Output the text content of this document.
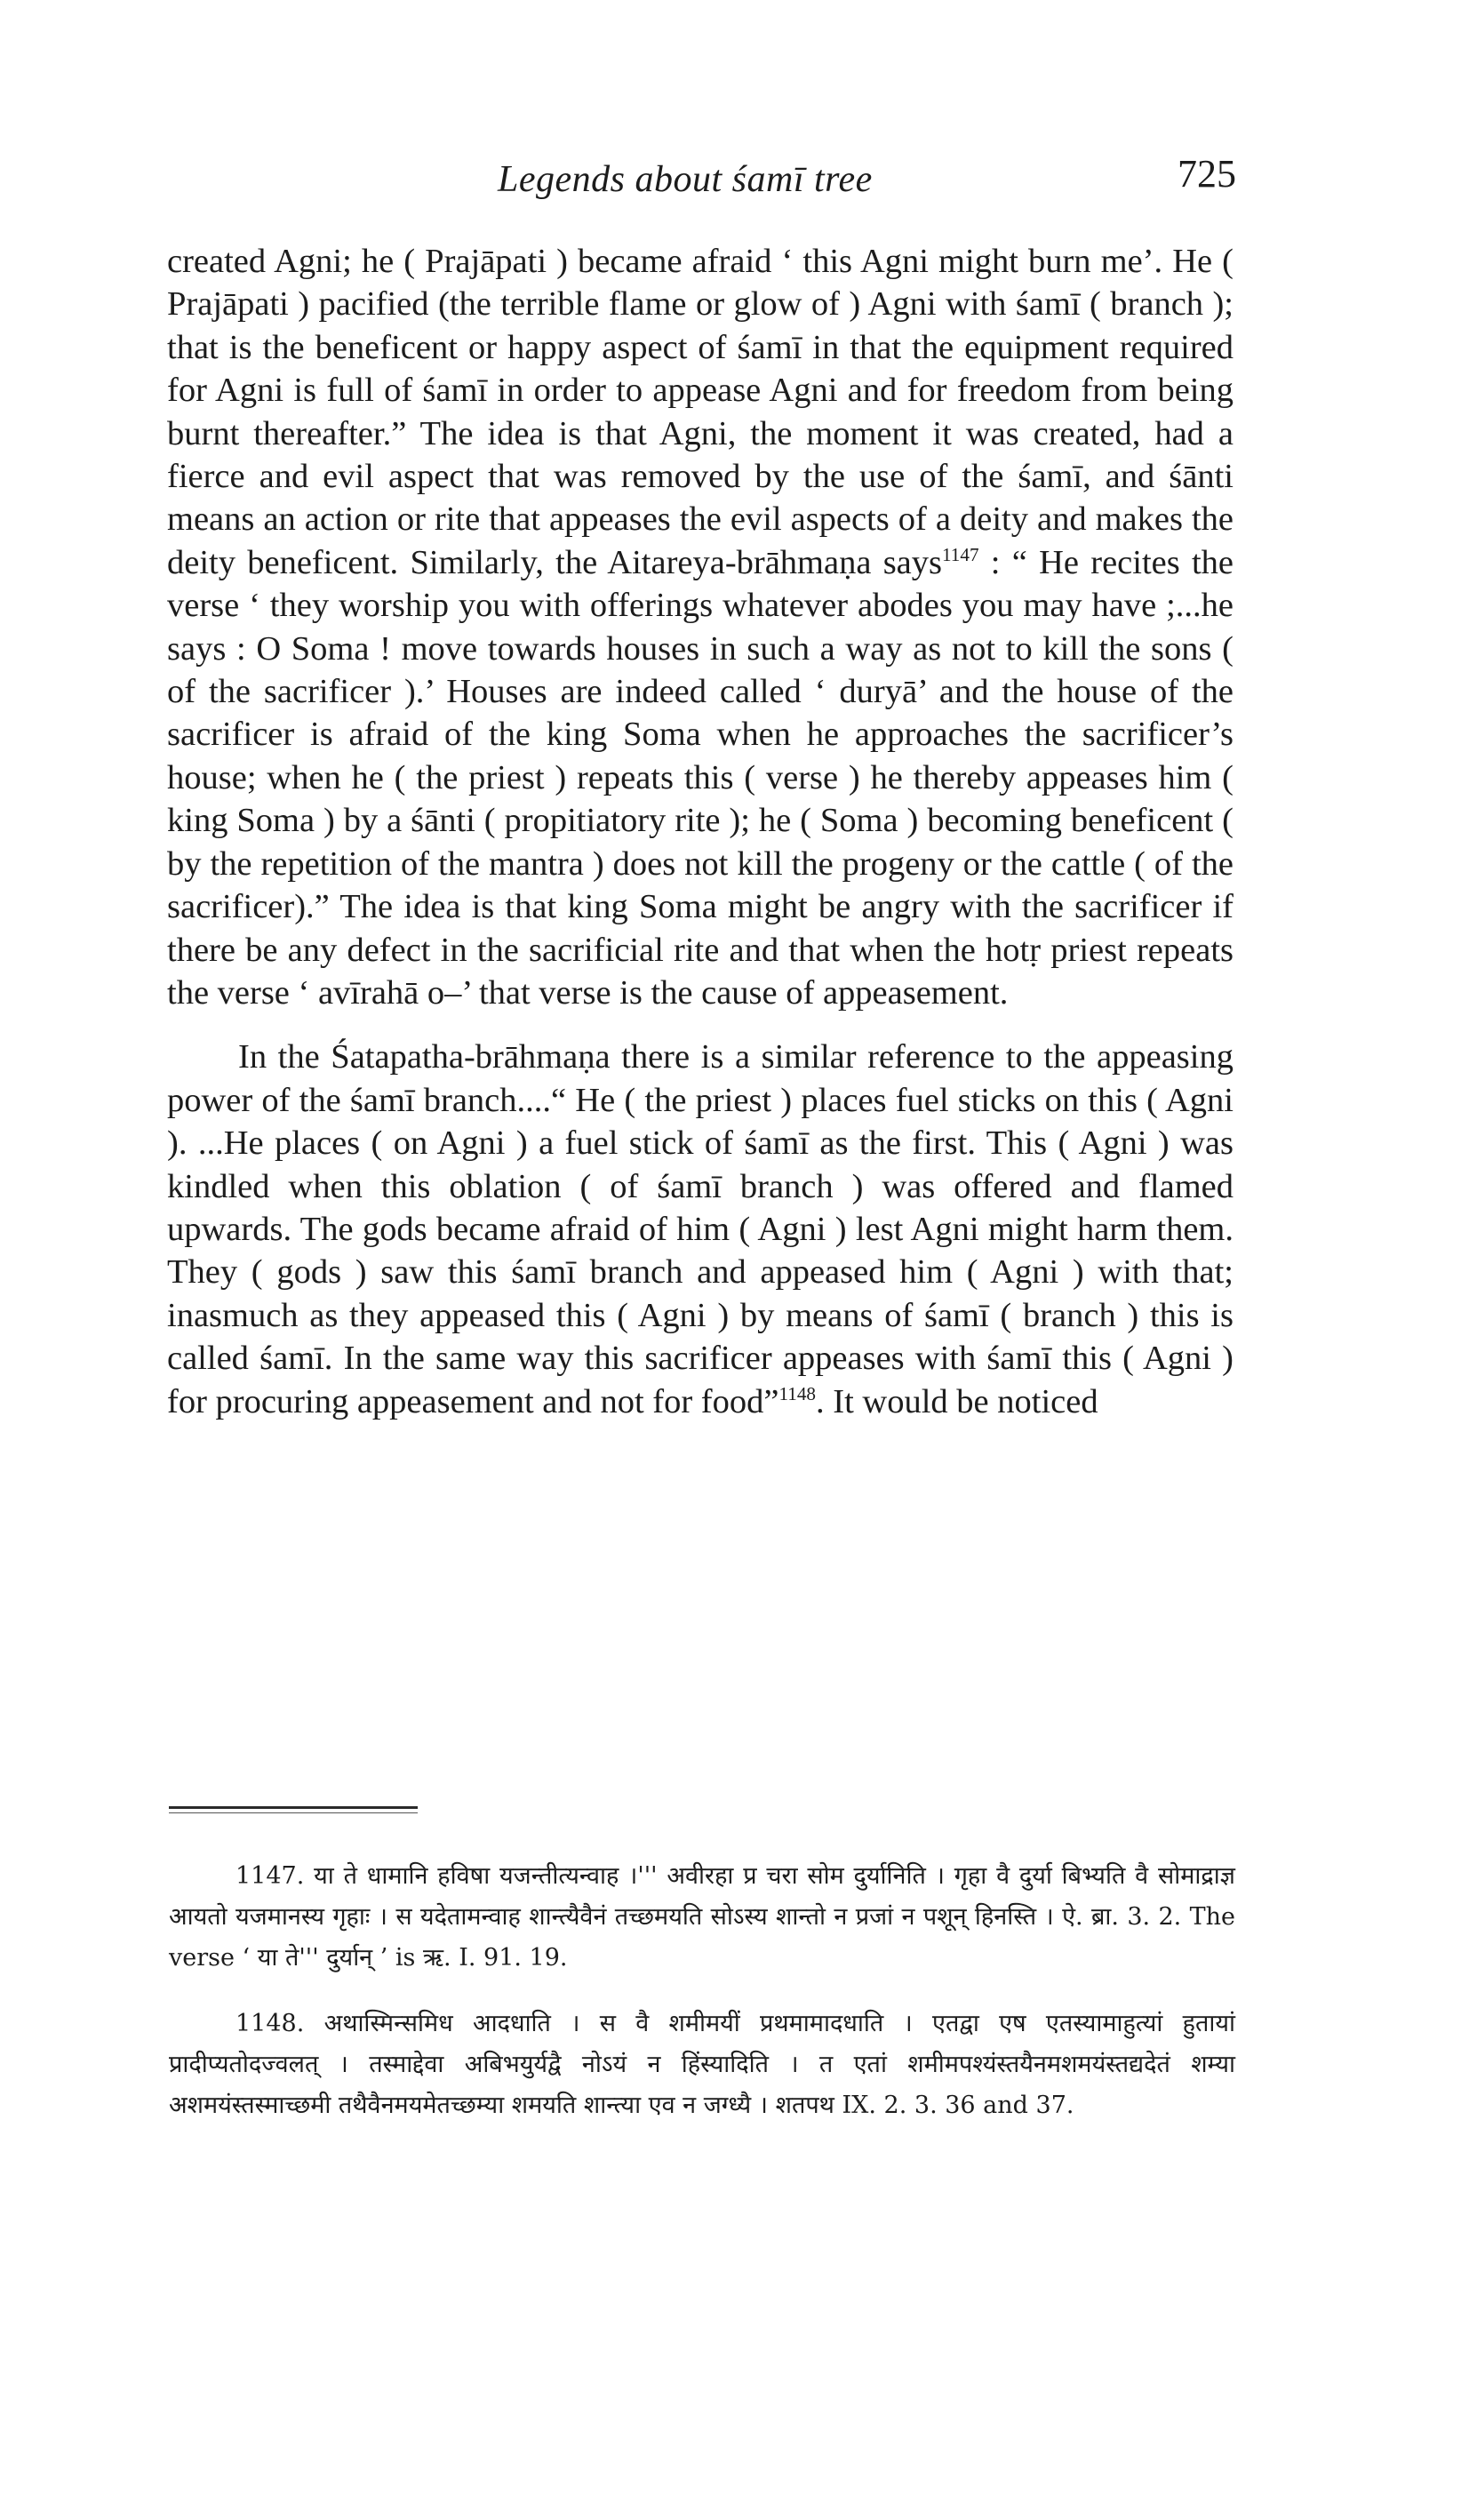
Legends about śamī tree	725

created Agni; he ( Prajāpati ) became afraid ‘ this Agni might burn me’. He ( Prajāpati ) pacified (the terrible flame or glow of ) Agni with śamī ( branch ); that is the beneficent or happy aspect of śamī in that the equipment required for Agni is full of śamī in order to appease Agni and for freedom from being burnt thereafter.” The idea is that Agni, the moment it was created, had a fierce and evil aspect that was removed by the use of the śamī, and śānti means an action or rite that appeases the evil aspects of a deity and makes the deity beneficent. Similarly, the Aitareya-brāhmaṇa says$^{1147}$ : “ He recites the verse ‘ they worship you with offerings whatever abodes you may have ;...he says : O Soma ! move towards houses in such a way as not to kill the sons ( of the sacrificer ).’ Houses are indeed called ‘ duryā’ and the house of the sacrificer is afraid of the king Soma when he approaches the sacrificer’s house; when he ( the priest ) repeats this ( verse ) he thereby appeases him ( king Soma ) by a śānti ( propitiatory rite ); he ( Soma ) becoming beneficent ( by the repetition of the mantra ) does not kill the progeny or the cattle ( of the sacrificer).” The idea is that king Soma might be angry with the sacrificer if there be any defect in the sacrificial rite and that when the hotṛ priest repeats the verse ‘ avīrahā o–’ that verse is the cause of appeasement.

In the Śatapatha-brāhmaṇa there is a similar reference to the appeasing power of the śamī branch....“ He ( the priest ) places fuel sticks on this ( Agni ). ...He places ( on Agni ) a fuel stick of śamī as the first. This ( Agni ) was kindled when this oblation ( of śamī branch ) was offered and flamed upwards. The gods became afraid of him ( Agni ) lest Agni might harm them. They ( gods ) saw this śamī branch and appeased him ( Agni ) with that; inasmuch as they appeased this ( Agni ) by means of śamī ( branch ) this is called śamī. In the same way this sacrificer appeases with śamī this ( Agni ) for procuring appeasement and not for food”$^{1148}$. It would be noticed

1147. या ते धामानि हविषा यजन्तीत्यन्वाह ।''' अवीरहा प्र चरा सोम दुर्यानिति । गृहा वै दुर्या बिभ्यति वै सोमाद्राज्ञ आयतो यजमानस्य गृहाः । स यदेतामन्वाह शान्त्यैवैनं तच्छमयति सोऽस्य शान्तो न प्रजां न पशून् हिनस्ति । ऐ. ब्रा. 3. 2. The verse ‘ या ते''' दुर्यान् ’ is ऋ. I. 91. 19.

1148. अथास्मिन्समिध आदधाति । स वै शमीमयीं प्रथमामादधाति । एतद्वा एष एतस्यामाहुत्यां हुतायां प्रादीप्यतोदज्वलत् । तस्माद्देवा अबिभयुर्यद्वै नोऽयं न हिंस्यादिति । त एतां शमीमपश्यंस्तयैनमशमयंस्तद्यदेतं शम्या अशमयंस्तस्माच्छमी तथैवैनमयमेतच्छम्या शमयति शान्त्या एव न जग्ध्यै । शतपथ IX. 2. 3. 36 and 37.
